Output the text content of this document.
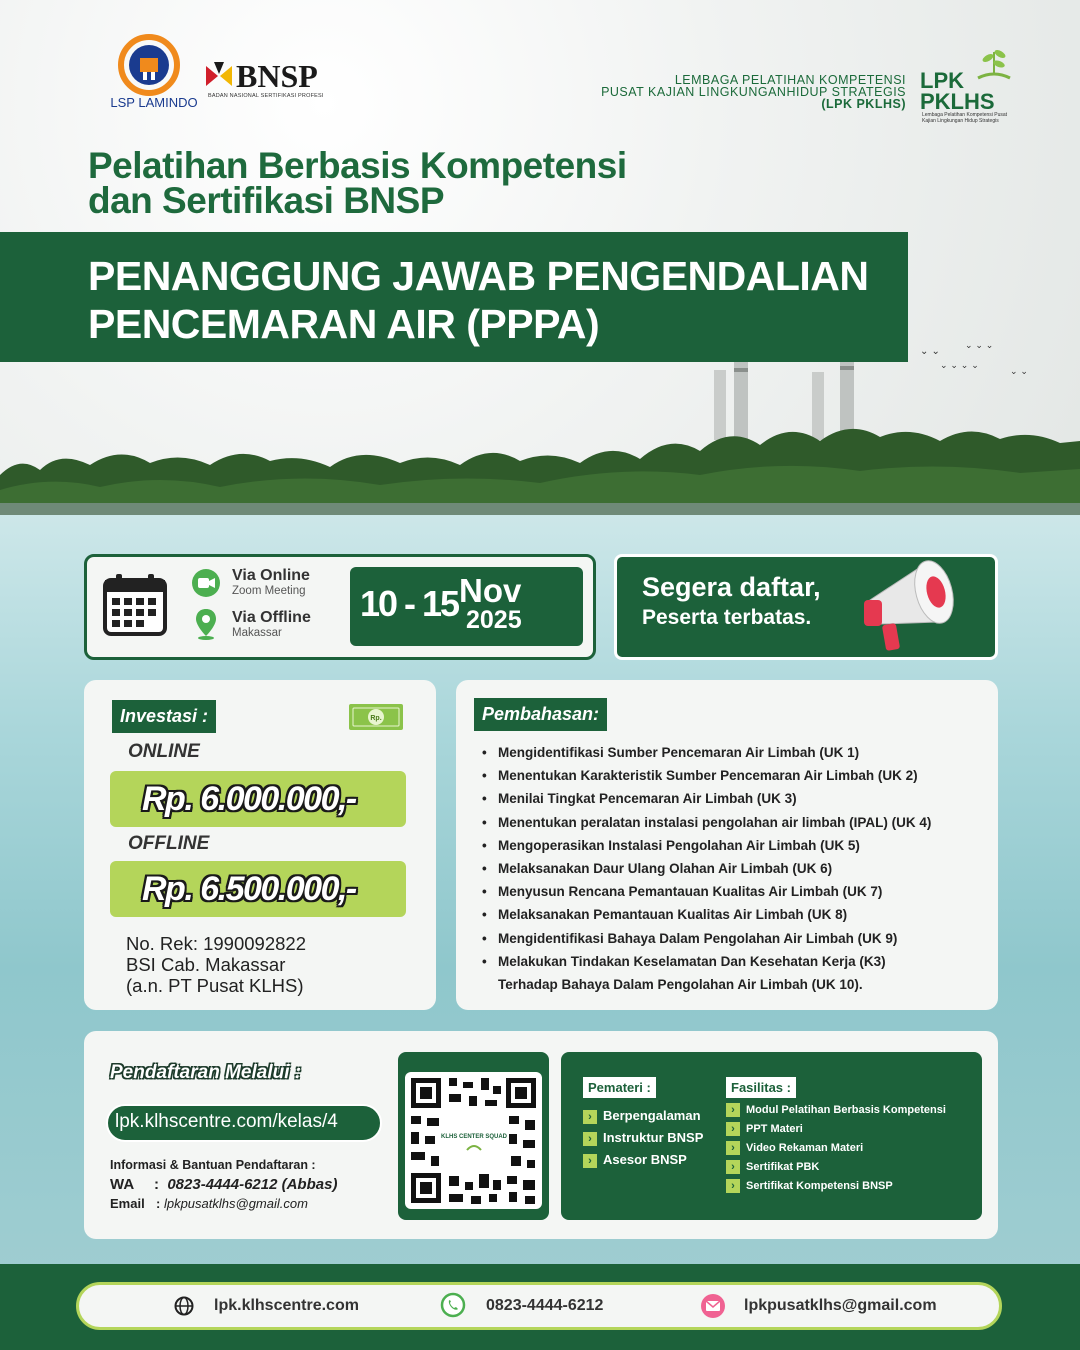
⌄ ⌄	⌄ ⌄ ⌄
⌄ ⌄ ⌄ ⌄
⌄ ⌄
LSP LAMINDO
BNSP
BADAN NASIONAL SERTIFIKASI PROFESI
LEMBAGA PELATIHAN KOMPETENSI
PUSAT KAJIAN LINGKUNGANHIDUP STRATEGIS
(LPK PKLHS)
LPK
PKLHS
Lembaga Pelatihan Kompetensi Pusat Kajian Lingkungan Hidup Strategis
Pelatihan Berbasis Kompetensi
dan Sertifikasi BNSP
PENANGGUNG JAWAB PENGENDALIAN
PENCEMARAN AIR (PPPA)
Via Online
Zoom Meeting
Via Offline
Makassar
10 - 15 Nov
2025
Segera daftar,
Peserta terbatas.
Investasi :	Rp.
ONLINE
Rp. 6.000.000,-
OFFLINE
Rp. 6.500.000,-
No. Rek: 1990092822
BSI Cab. Makassar
(a.n. PT Pusat KLHS)
Pembahasan:
• Mengidentifikasi Sumber Pencemaran Air Limbah (UK 1)
• Menentukan Karakteristik Sumber Pencemaran Air Limbah (UK 2)
• Menilai Tingkat Pencemaran Air Limbah (UK 3)
• Menentukan peralatan instalasi pengolahan air limbah (IPAL) (UK 4)
• Mengoperasikan Instalasi Pengolahan Air Limbah (UK 5)
• Melaksanakan Daur Ulang Olahan Air Limbah (UK 6)
• Menyusun Rencana Pemantauan Kualitas Air Limbah (UK 7)
• Melaksanakan Pemantauan Kualitas Air Limbah (UK 8)
• Mengidentifikasi Bahaya Dalam Pengolahan Air Limbah (UK 9)
• Melakukan Tindakan Keselamatan Dan Kesehatan Kerja (K3) Terhadap Bahaya Dalam Pengolahan Air Limbah (UK 10).
Pendaftaran Melalui :
lpk.klhscentre.com/kelas/4
Informasi & Bantuan Pendaftaran :
WA :  0823-4444-6212 (Abbas)
Email : lpkpusatklhs@gmail.com
KLHS CENTER SQUAD
Pemateri :
› Berpengalaman
› Instruktur BNSP
› Asesor BNSP
Fasilitas :
› Modul Pelatihan Berbasis Kompetensi
› PPT Materi
› Video Rekaman Materi
› Sertifikat PBK
› Sertifikat Kompetensi BNSP
lpk.klhscentre.com	0823-4444-6212	lpkpusatklhs@gmail.com
